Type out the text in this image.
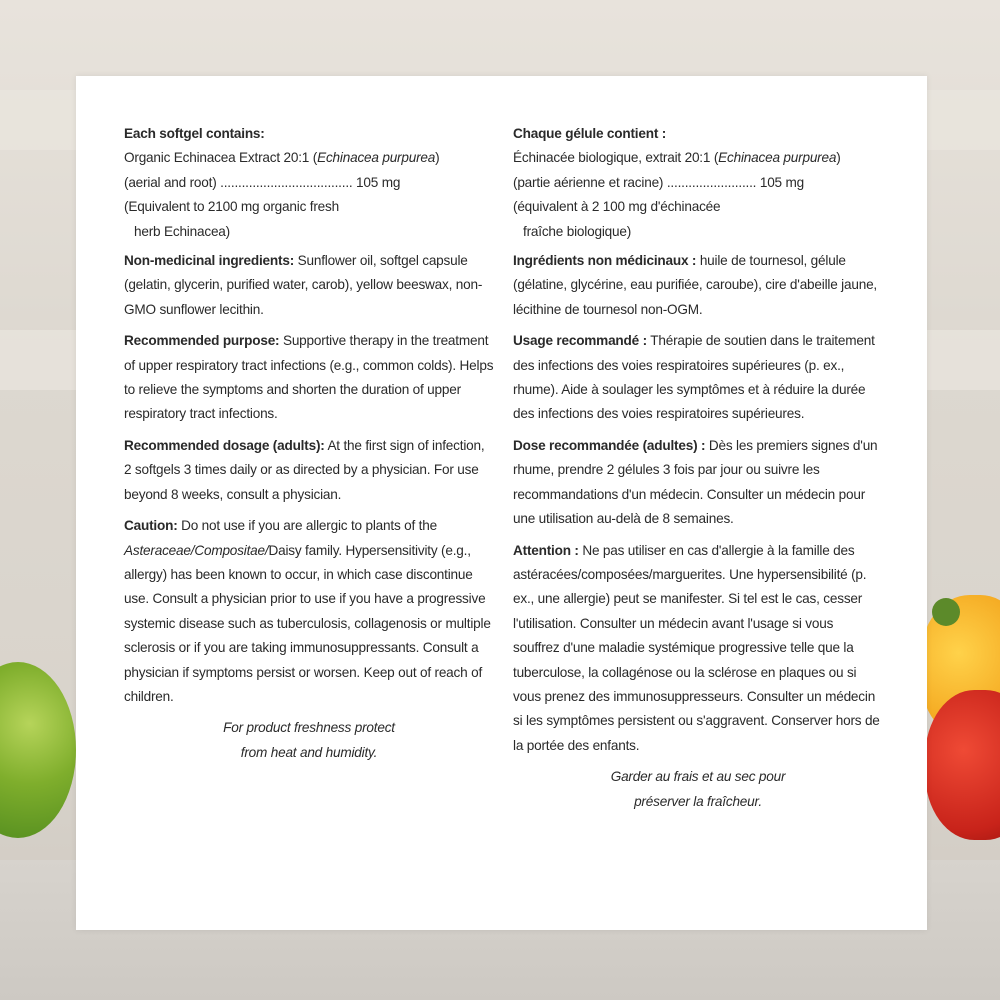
Each softgel contains:
Organic Echinacea Extract 20:1 (Echinacea purpurea)
(aerial and root) ..................................... 105 mg
(Equivalent to 2100 mg organic fresh
herb Echinacea)

Non-medicinal ingredients: Sunflower oil, softgel capsule (gelatin, glycerin, purified water, carob), yellow beeswax, non-GMO sunflower lecithin.

Recommended purpose: Supportive therapy in the treatment of upper respiratory tract infections (e.g., common colds). Helps to relieve the symptoms and shorten the duration of upper respiratory tract infections.

Recommended dosage (adults): At the first sign of infection, 2 softgels 3 times daily or as directed by a physician. For use beyond 8 weeks, consult a physician.

Caution: Do not use if you are allergic to plants of the Asteraceae/Compositae/Daisy family. Hypersensitivity (e.g., allergy) has been known to occur, in which case discontinue use. Consult a physician prior to use if you have a progressive systemic disease such as tuberculosis, collagenosis or multiple sclerosis or if you are taking immunosuppressants. Consult a physician if symptoms persist or worsen. Keep out of reach of children.

For product freshness protect
from heat and humidity.

Chaque gélule contient :
Échinacée biologique, extrait 20:1 (Echinacea purpurea)
(partie aérienne et racine) ......................... 105 mg
(équivalent à 2 100 mg d'échinacée
fraîche biologique)

Ingrédients non médicinaux : huile de tournesol, gélule (gélatine, glycérine, eau purifiée, caroube), cire d'abeille jaune, lécithine de tournesol non-OGM.

Usage recommandé : Thérapie de soutien dans le traitement des infections des voies respiratoires supérieures (p. ex., rhume). Aide à soulager les symptômes et à réduire la durée des infections des voies respiratoires supérieures.

Dose recommandée (adultes) : Dès les premiers signes d'un rhume, prendre 2 gélules 3 fois par jour ou suivre les recommandations d'un médecin. Consulter un médecin pour une utilisation au-delà de 8 semaines.

Attention : Ne pas utiliser en cas d'allergie à la famille des astéracées/composées/marguerites. Une hypersensibilité (p. ex., une allergie) peut se manifester. Si tel est le cas, cesser l'utilisation. Consulter un médecin avant l'usage si vous souffrez d'une maladie systémique progressive telle que la tuberculose, la collagénose ou la sclérose en plaques ou si vous prenez des immunosuppresseurs. Consulter un médecin si les symptômes persistent ou s'aggravent. Conserver hors de la portée des enfants.

Garder au frais et au sec pour
préserver la fraîcheur.
